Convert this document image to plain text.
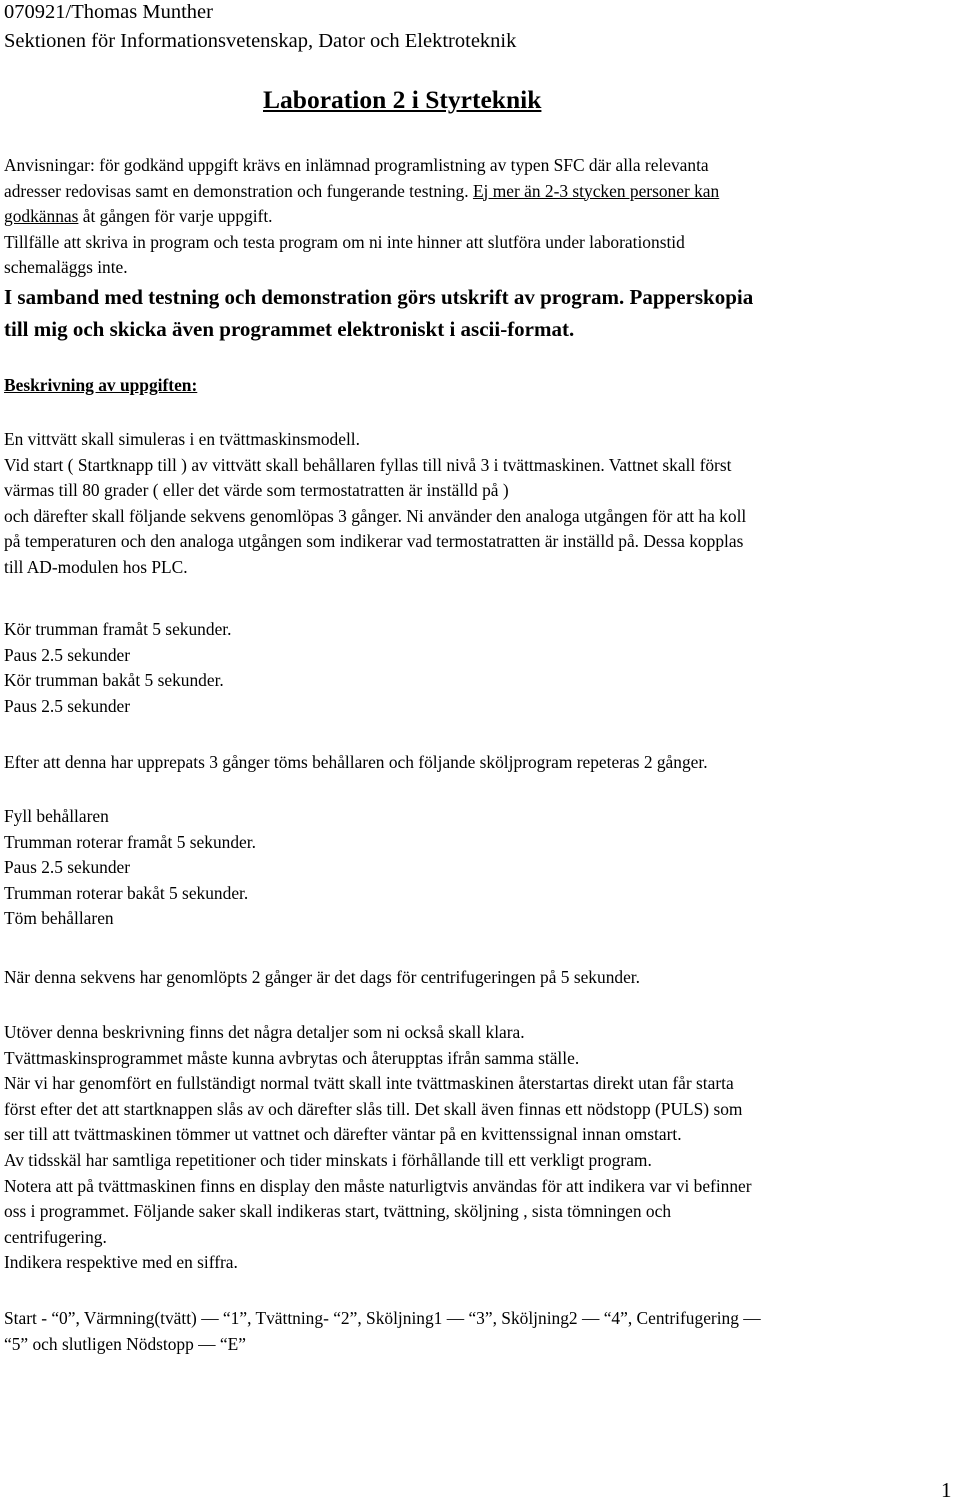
070921/Thomas Munther
Sektionen för Informationsvetenskap, Dator och Elektroteknik
Laboration 2 i Styrteknik
Anvisningar: för godkänd uppgift krävs en inlämnad programlistning av typen SFC där alla relevanta
adresser redovisas samt en demonstration och fungerande testning. Ej mer än 2-3 stycken personer kan
godkännas åt gången för varje uppgift.
Tillfälle att skriva in program och testa program om ni inte hinner att slutföra under laborationstid
schemaläggs inte.
I samband med testning och demonstration görs utskrift av program. Papperskopia
till mig och skicka även programmet elektroniskt i ascii-format.
Beskrivning av uppgiften:
En vittvätt skall simuleras i en tvättmaskinsmodell.
Vid start ( Startknapp till ) av vittvätt skall behållaren fyllas till nivå 3 i tvättmaskinen. Vattnet skall först
värmas till 80 grader ( eller det värde som termostatratten är inställd på )
och därefter skall följande sekvens genomlöpas 3 gånger. Ni använder den analoga utgången för att ha koll
på temperaturen och den analoga utgången som indikerar vad termostatratten är inställd på. Dessa kopplas
till AD-modulen hos PLC.
Kör trumman framåt 5 sekunder.
Paus 2.5 sekunder
Kör trumman bakåt 5 sekunder.
Paus 2.5 sekunder
Efter att denna har upprepats 3 gånger töms behållaren och följande sköljprogram repeteras 2 gånger.
Fyll behållaren
Trumman roterar framåt 5 sekunder.
Paus 2.5 sekunder
Trumman roterar bakåt 5 sekunder.
Töm behållaren
När denna sekvens har genomlöpts 2 gånger är det dags för centrifugeringen på 5 sekunder.
Utöver denna beskrivning finns det några detaljer som ni också skall klara.
Tvättmaskinsprogrammet måste kunna avbrytas och återupptas ifrån samma ställe.
När vi har genomfört en fullständigt normal tvätt skall inte tvättmaskinen återstartas direkt utan får starta
först efter det att startknappen slås av och därefter slås till. Det skall även finnas ett nödstopp (PULS) som
ser till att tvättmaskinen tömmer ut vattnet och därefter väntar på en kvittenssignal innan omstart.
Av tidsskäl har samtliga repetitioner och tider minskats i förhållande till ett verkligt program.
Notera att på tvättmaskinen finns en display den måste naturligtvis användas för att indikera var vi befinner
oss i programmet. Följande saker skall indikeras start, tvättning, sköljning , sista tömningen och
centrifugering.
Indikera respektive med en siffra.
Start - “0”, Värmning(tvätt) — “1”, Tvättning- “2”, Sköljning1 — “3”, Sköljning2 — “4”, Centrifugering —
“5” och slutligen Nödstopp — “E”
1
